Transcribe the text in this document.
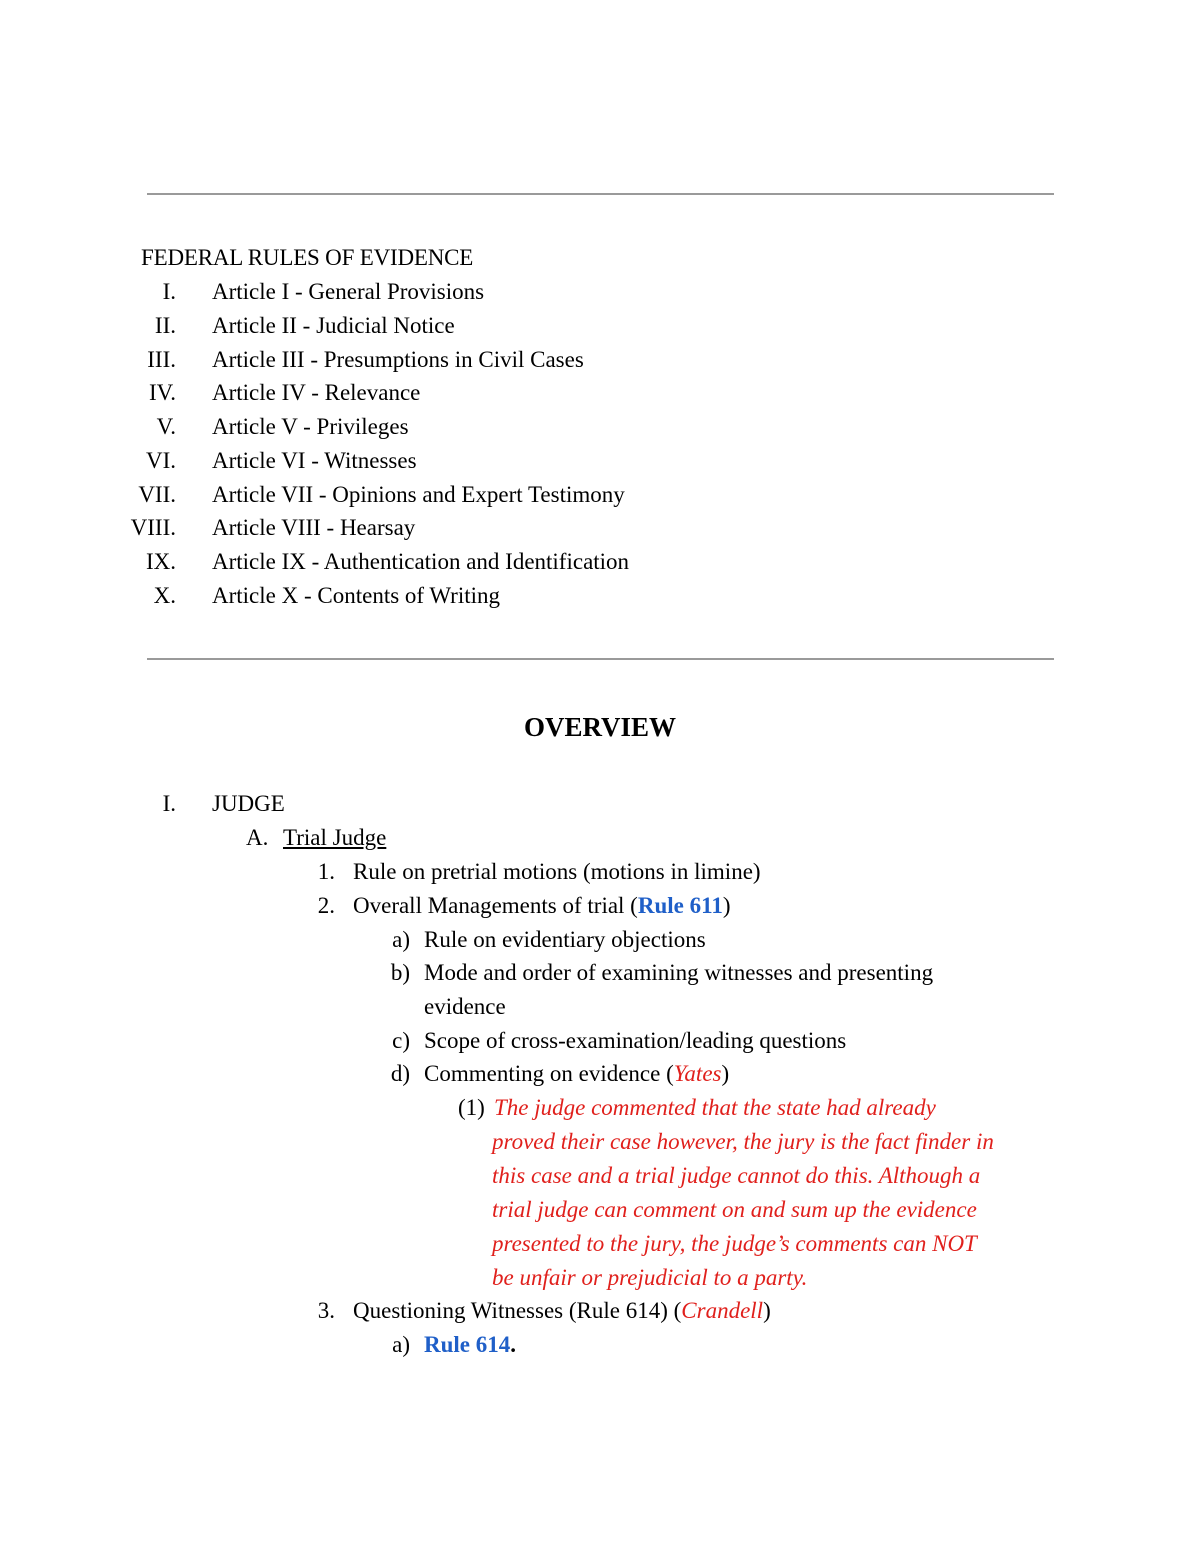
FEDERAL RULES OF EVIDENCE
I. Article I - General Provisions
II. Article II - Judicial Notice
III. Article III - Presumptions in Civil Cases
IV. Article IV - Relevance
V. Article V - Privileges
VI. Article VI - Witnesses
VII. Article VII - Opinions and Expert Testimony
VIII. Article VIII - Hearsay
IX. Article IX - Authentication and Identification
X. Article X - Contents of Writing
OVERVIEW
I. JUDGE
A. Trial Judge
1. Rule on pretrial motions (motions in limine)
2. Overall Managements of trial (Rule 611)
a) Rule on evidentiary objections
b) Mode and order of examining witnesses and presenting
evidence
c) Scope of cross-examination/leading questions
d) Commenting on evidence (Yates)
(1) The judge commented that the state had already
proved their case however, the jury is the fact finder in
this case and a trial judge cannot do this. Although a
trial judge can comment on and sum up the evidence
presented to the jury, the judge’s comments can NOT
be unfair or prejudicial to a party.
3. Questioning Witnesses (Rule 614) (Crandell)
a) Rule 614.
